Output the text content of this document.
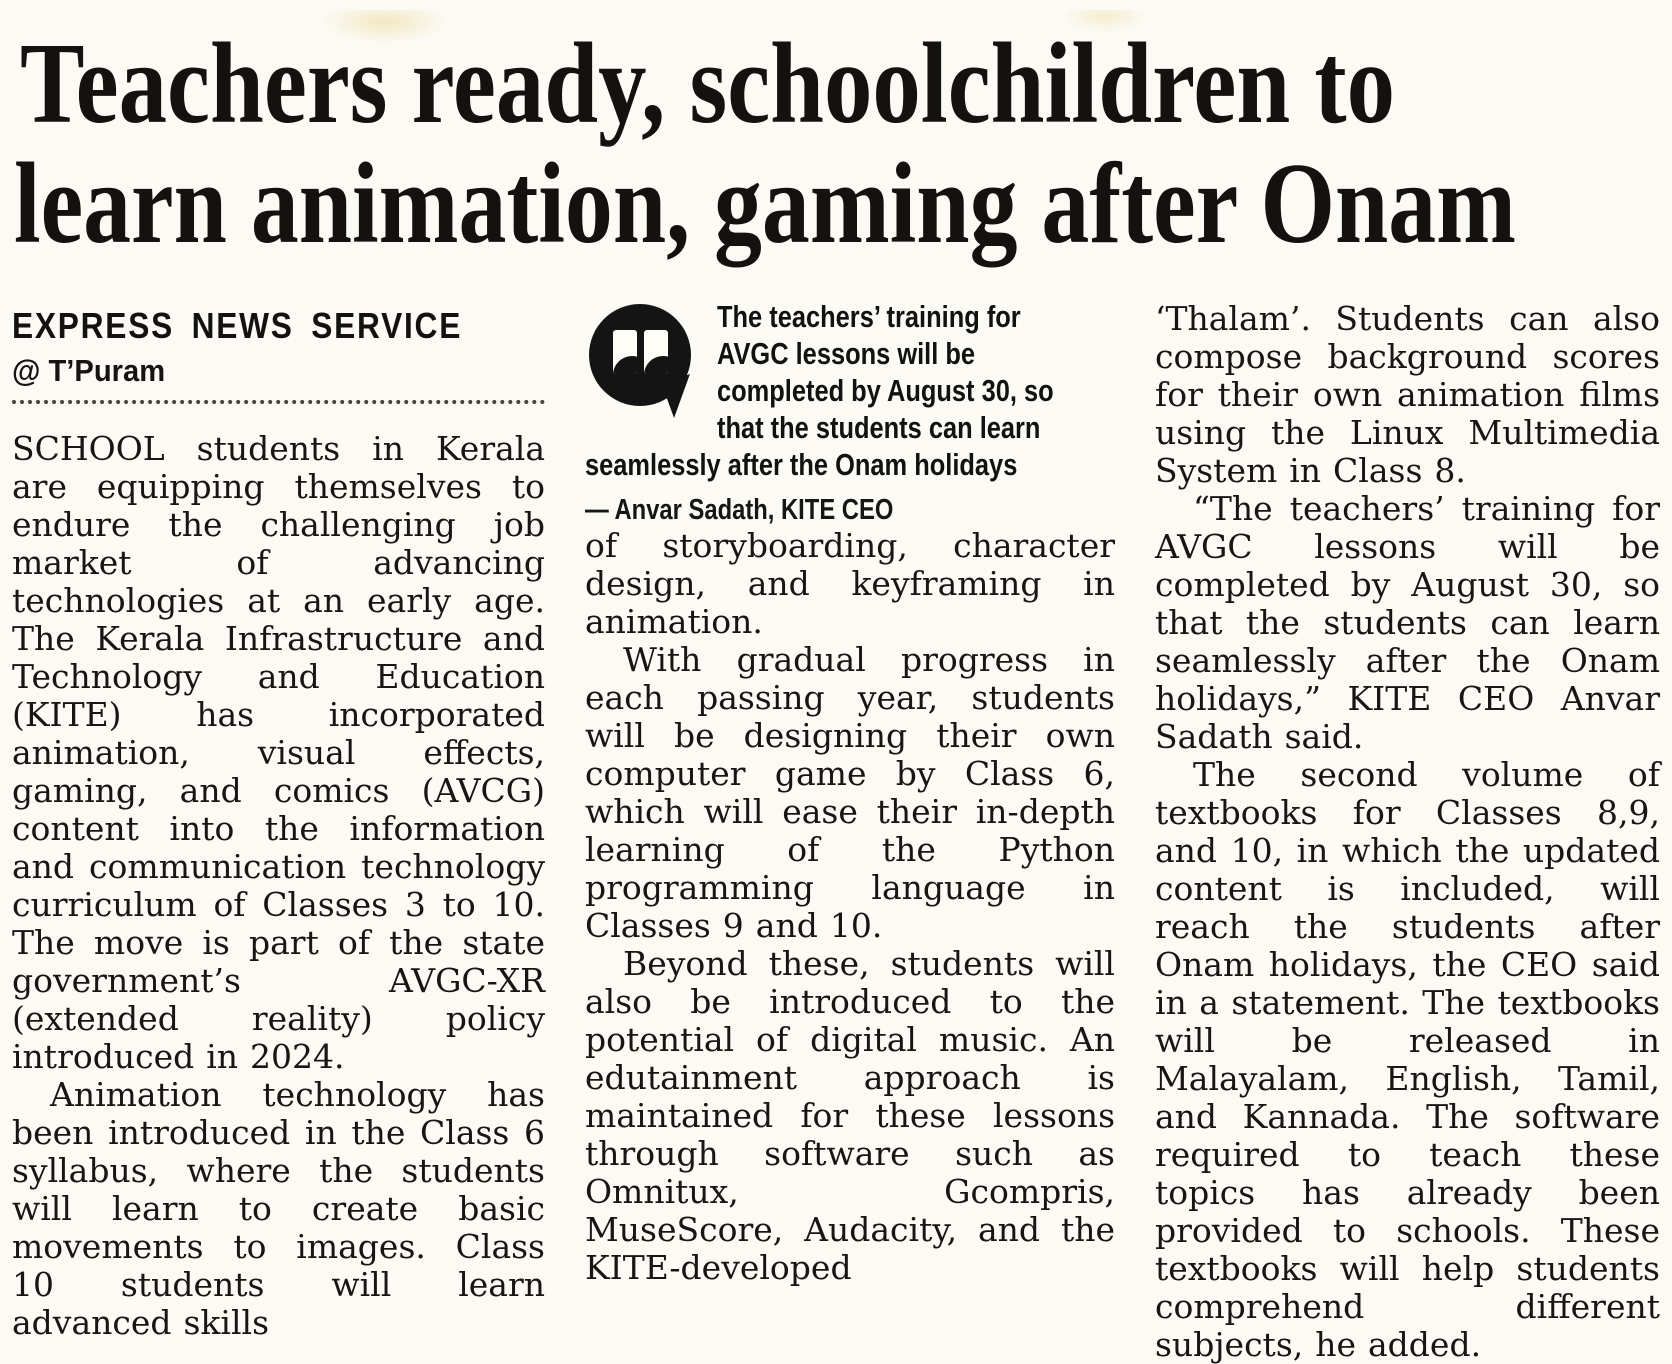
Teachers ready, schoolchildren to
learn animation, gaming after Onam
EXPRESS NEWS SERVICE
@ T’Puram

SCHOOL students in Kerala are equipping themselves to endure the challenging job market of advancing technologies at an early age. The Kerala Infrastructure and Technology and Education (KITE) has incorporated animation, visual effects, gaming, and comics (AVCG) content into the information and communication technology curriculum of Classes 3 to 10. The move is part of the state government’s AVGC-XR (extended reality) policy introduced in 2024.

Animation technology has been introduced in the Class 6 syllabus, where the students will learn to create basic movements to images. Class 10 students will learn advanced skills

The teachers’ training for
AVGC lessons will be
completed by August 30, so
that the students can learn
seamlessly after the Onam holidays
— Anvar Sadath, KITE CEO

of storyboarding, character design, and keyframing in animation.

With gradual progress in each passing year, students will be designing their own computer game by Class 6, which will ease their in-depth learning of the Python programming language in Classes 9 and 10.

Beyond these, students will also be introduced to the potential of digital music. An edutainment approach is maintained for these lessons through software such as Omnitux, Gcompris, MuseScore, Audacity, and the KITE-developed

‘Thalam’. Students can also compose background scores for their own animation films using the Linux Multimedia System in Class 8.

“The teachers’ training for AVGC lessons will be completed by August 30, so that the students can learn seamlessly after the Onam holidays,” KITE CEO Anvar Sadath said.

The second volume of textbooks for Classes 8,9, and 10, in which the updated content is included, will reach the students after Onam holidays, the CEO said in a statement. The textbooks will be released in Malayalam, English, Tamil, and Kannada. The software required to teach these topics has already been provided to schools. These textbooks will help students comprehend different subjects, he added.
